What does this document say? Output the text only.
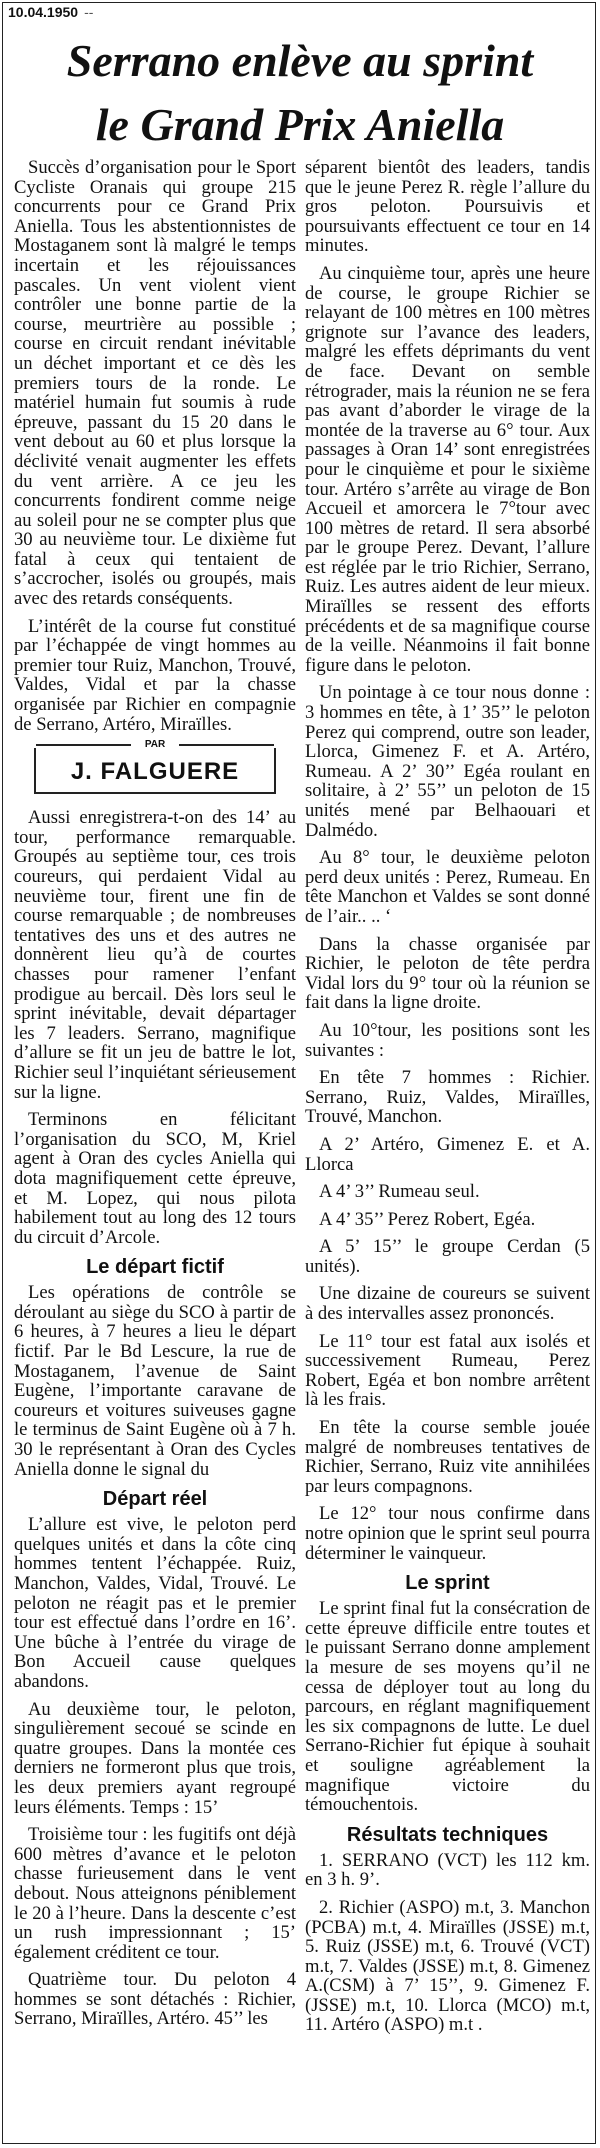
10.04.1950 --
Serrano enlève au sprint
le Grand Prix Aniella

Succès d’organisation pour le Sport Cycliste Oranais qui groupe 215 concurrents pour ce Grand Prix Aniella. Tous les abstentionnistes de Mostaganem sont là malgré le temps incertain et les réjouissances pascales. Un vent violent vient contrôler une bonne partie de la course, meurtrière au possible ; course en circuit rendant inévitable un déchet important et ce dès les premiers tours de la ronde. Le matériel humain fut soumis à rude épreuve, passant du 15 20 dans le vent debout au 60 et plus lorsque la déclivité venait augmenter les effets du vent arrière. A ce jeu les concurrents fondirent comme neige au soleil pour ne se compter plus que 30 au neuvième tour. Le dixième fut fatal à ceux qui tentaient de s’accrocher, isolés ou groupés, mais avec des retards conséquents.

L’intérêt de la course fut constitué par l’échappée de vingt hommes au premier tour Ruiz, Manchon, Trouvé, Valdes, Vidal et par la chasse organisée par Richier en compagnie de Serrano, Artéro, Miraïlles.

PAR
J. FALGUERE

Aussi enregistrera-t-on des 14’ au tour, performance remarquable. Groupés au septième tour, ces trois coureurs, qui perdaient Vidal au neuvième tour, firent une fin de course remarquable ; de nombreuses tentatives des uns et des autres ne donnèrent lieu qu’à de courtes chasses pour ramener l’enfant prodigue au bercail. Dès lors seul le sprint inévitable, devait départager les 7 leaders. Serrano, magnifique d’allure se fit un jeu de battre le lot, Richier seul l’inquiétant sérieusement sur la ligne.

Terminons en félicitant l’organisation du SCO, M, Kriel agent à Oran des cycles Aniella qui dota magnifiquement cette épreuve, et M. Lopez, qui nous pilota habilement tout au long des 12 tours du circuit d’Arcole.

Le départ fictif

Les opérations de contrôle se déroulant au siège du SCO à partir de 6 heures, à 7 heures a lieu le départ fictif. Par le Bd Lescure, la rue de Mostaganem, l’avenue de Saint Eugène, l’importante caravane de coureurs et voitures suiveuses gagne le terminus de Saint Eugène où à 7 h. 30 le représentant à Oran des Cycles Aniella donne le signal du

Départ réel

L’allure est vive, le peloton perd quelques unités et dans la côte cinq hommes tentent l’échappée. Ruiz, Manchon, Valdes, Vidal, Trouvé. Le peloton ne réagit pas et le premier tour est effectué dans l’ordre en 16’. Une bûche à l’entrée du virage de Bon Accueil cause quelques abandons.

Au deuxième tour, le peloton, singulièrement secoué se scinde en quatre groupes. Dans la montée ces derniers ne formeront plus que trois, les deux premiers ayant regroupé leurs éléments. Temps : 15’

Troisième tour : les fugitifs ont déjà 600 mètres d’avance et le peloton chasse furieusement dans le vent debout. Nous atteignons péniblement le 20 à l’heure. Dans la descente c’est un rush impressionnant ; 15’ également créditent ce tour.

Quatrième tour. Du peloton 4 hommes se sont détachés : Richier, Serrano, Miraïlles, Artéro. 45’’ les

séparent bientôt des leaders, tandis que le jeune Perez R. règle l’allure du gros peloton. Poursuivis et poursuivants effectuent ce tour en 14 minutes.

Au cinquième tour, après une heure de course, le groupe Richier se relayant de 100 mètres en 100 mètres grignote sur l’avance des leaders, malgré les effets déprimants du vent de face. Devant on semble rétrograder, mais la réunion ne se fera pas avant d’aborder le virage de la montée de la traverse au 6° tour. Aux passages à Oran 14’ sont enregistrées pour le cinquième et pour le sixième tour. Artéro s’arrête au virage de Bon Accueil et amorcera le 7°tour avec 100 mètres de retard. Il sera absorbé par le groupe Perez. Devant, l’allure est réglée par le trio Richier, Serrano, Ruiz. Les autres aident de leur mieux. Miraïlles se ressent des efforts précédents et de sa magnifique course de la veille. Néanmoins il fait bonne figure dans le peloton.

Un pointage à ce tour nous donne : 3 hommes en tête, à 1’ 35’’ le peloton Perez qui comprend, outre son leader, Llorca, Gimenez F. et A. Artéro, Rumeau. A 2’ 30’’ Egéa roulant en solitaire, à 2’ 55’’ un peloton de 15 unités mené par Belhaouari et Dalmédo.

Au 8° tour, le deuxième peloton perd deux unités : Perez, Rumeau. En tête Manchon et Valdes se sont donné de l’air.. .. ‘

Dans la chasse organisée par Richier, le peloton de tête perdra Vidal lors du 9° tour où la réunion se fait dans la ligne droite.

Au 10°tour, les positions sont les suivantes :

En tête 7 hommes : Richier. Serrano, Ruiz, Valdes, Miraïlles, Trouvé, Manchon.

A 2’ Artéro, Gimenez E. et A. Llorca

A 4’ 3’’ Rumeau seul.

A 4’ 35’’ Perez Robert, Egéa.

A 5’ 15’’ le groupe Cerdan (5 unités).

Une dizaine de coureurs se suivent à des intervalles assez prononcés.

Le 11° tour est fatal aux isolés et successivement Rumeau, Perez Robert, Egéa et bon nombre arrêtent là les frais.

En tête la course semble jouée malgré de nombreuses tentatives de Richier, Serrano, Ruiz vite annihilées par leurs compagnons.

Le 12° tour nous confirme dans notre opinion que le sprint seul pourra déterminer le vainqueur.

Le sprint

Le sprint final fut la consécration de cette épreuve difficile entre toutes et le puissant Serrano donne amplement la mesure de ses moyens qu’il ne cessa de déployer tout au long du parcours, en réglant magnifiquement les six compagnons de lutte. Le duel Serrano-Richier fut épique à souhait et souligne agréablement la magnifique victoire du témouchentois.

Résultats techniques

1. SERRANO (VCT) les 112 km. en 3 h. 9’.

2. Richier (ASPO) m.t, 3. Manchon (PCBA) m.t, 4. Miraïlles (JSSE) m.t, 5. Ruiz (JSSE) m.t, 6. Trouvé (VCT) m.t, 7. Valdes (JSSE) m.t, 8. Gimenez A.(CSM) à 7’ 15’’, 9. Gimenez F. (JSSE) m.t, 10. Llorca (MCO) m.t, 11. Artéro (ASPO) m.t .
